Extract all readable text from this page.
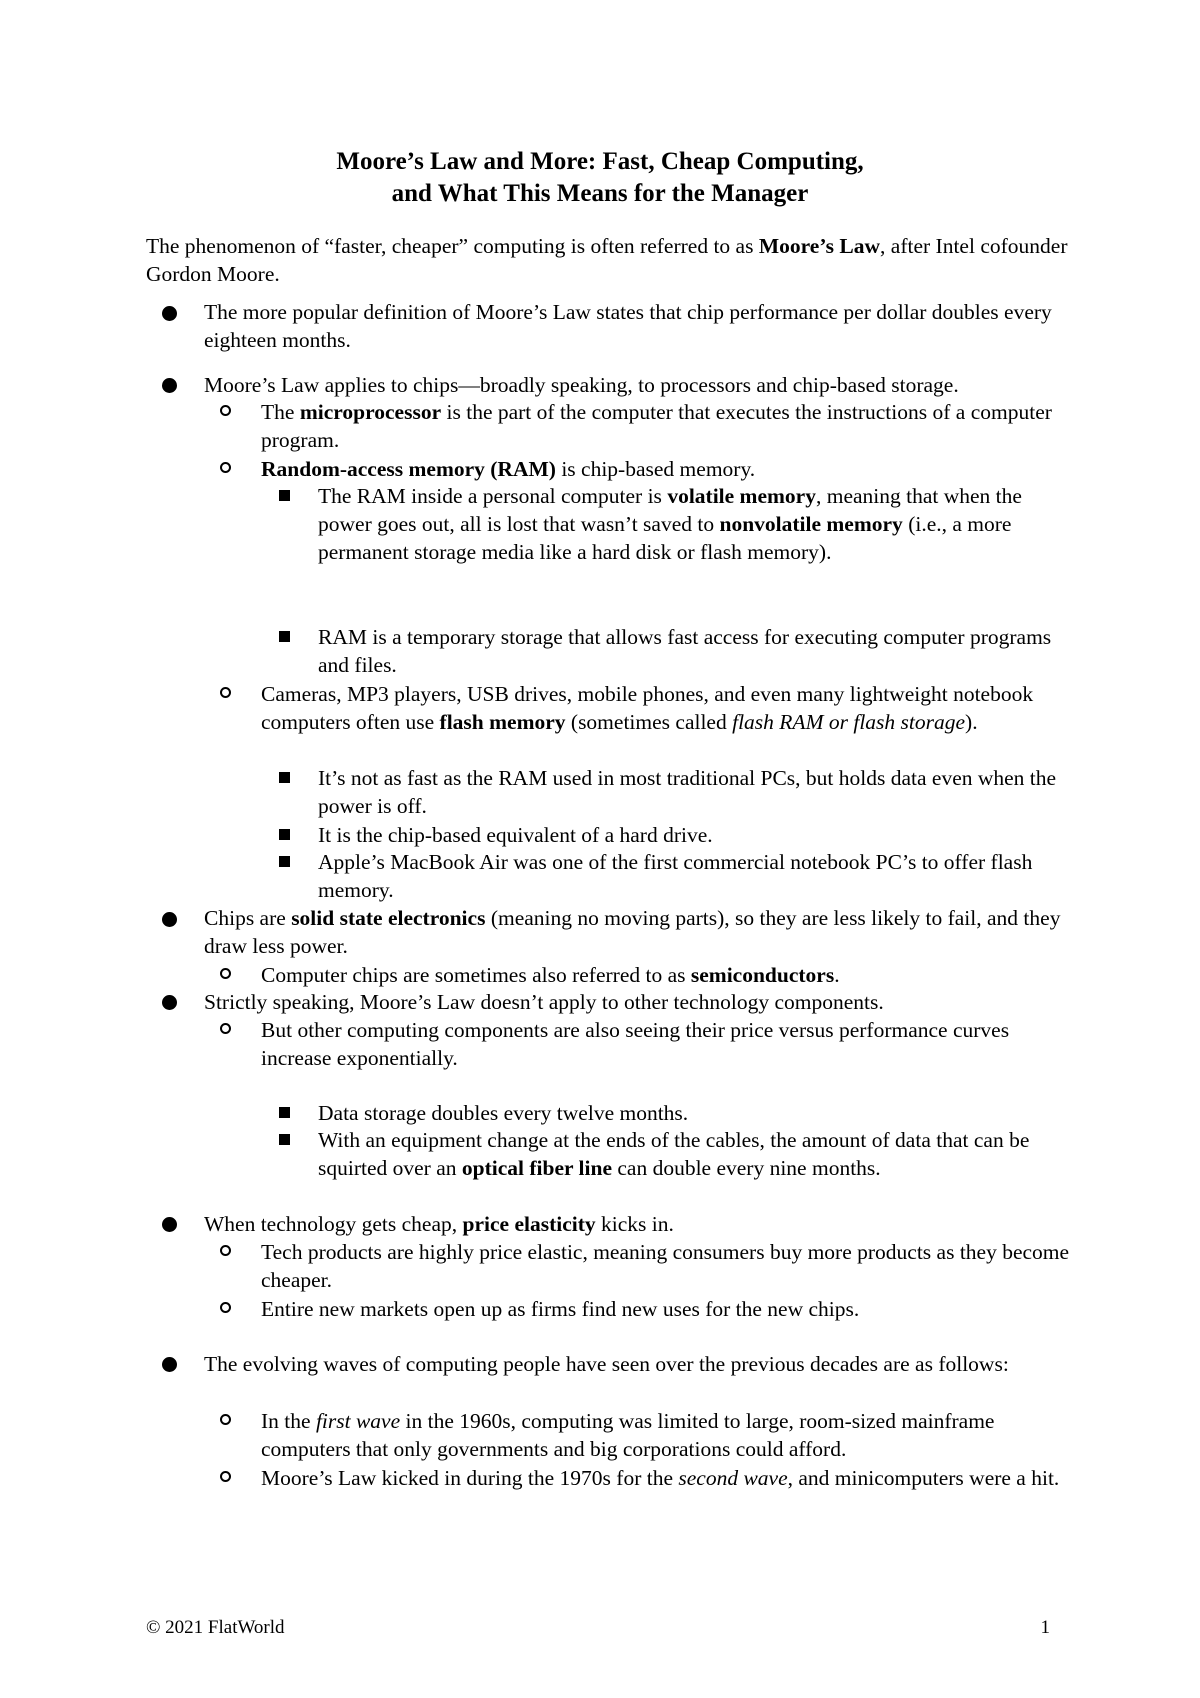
Moore’s Law and More: Fast, Cheap Computing,
and What This Means for the Manager
The phenomenon of “faster, cheaper” computing is often referred to as Moore’s Law, after Intel cofounder Gordon Moore.
The more popular definition of Moore’s Law states that chip performance per dollar doubles every eighteen months.
Moore’s Law applies to chips—broadly speaking, to processors and chip-based storage.
The microprocessor is the part of the computer that executes the instructions of a computer program.
Random-access memory (RAM) is chip-based memory.
The RAM inside a personal computer is volatile memory, meaning that when the power goes out, all is lost that wasn’t saved to nonvolatile memory (i.e., a more permanent storage media like a hard disk or flash memory).
RAM is a temporary storage that allows fast access for executing computer programs and files.
Cameras, MP3 players, USB drives, mobile phones, and even many lightweight notebook computers often use flash memory (sometimes called flash RAM or flash storage).
It’s not as fast as the RAM used in most traditional PCs, but holds data even when the power is off.
It is the chip-based equivalent of a hard drive.
Apple’s MacBook Air was one of the first commercial notebook PC’s to offer flash memory.
Chips are solid state electronics (meaning no moving parts), so they are less likely to fail, and they draw less power.
Computer chips are sometimes also referred to as semiconductors.
Strictly speaking, Moore’s Law doesn’t apply to other technology components.
But other computing components are also seeing their price versus performance curves increase exponentially.
Data storage doubles every twelve months.
With an equipment change at the ends of the cables, the amount of data that can be squirted over an optical fiber line can double every nine months.
When technology gets cheap, price elasticity kicks in.
Tech products are highly price elastic, meaning consumers buy more products as they become cheaper.
Entire new markets open up as firms find new uses for the new chips.
The evolving waves of computing people have seen over the previous decades are as follows:
In the first wave in the 1960s, computing was limited to large, room-sized mainframe computers that only governments and big corporations could afford.
Moore’s Law kicked in during the 1970s for the second wave, and minicomputers were a hit.
© 2021 FlatWorld	1
